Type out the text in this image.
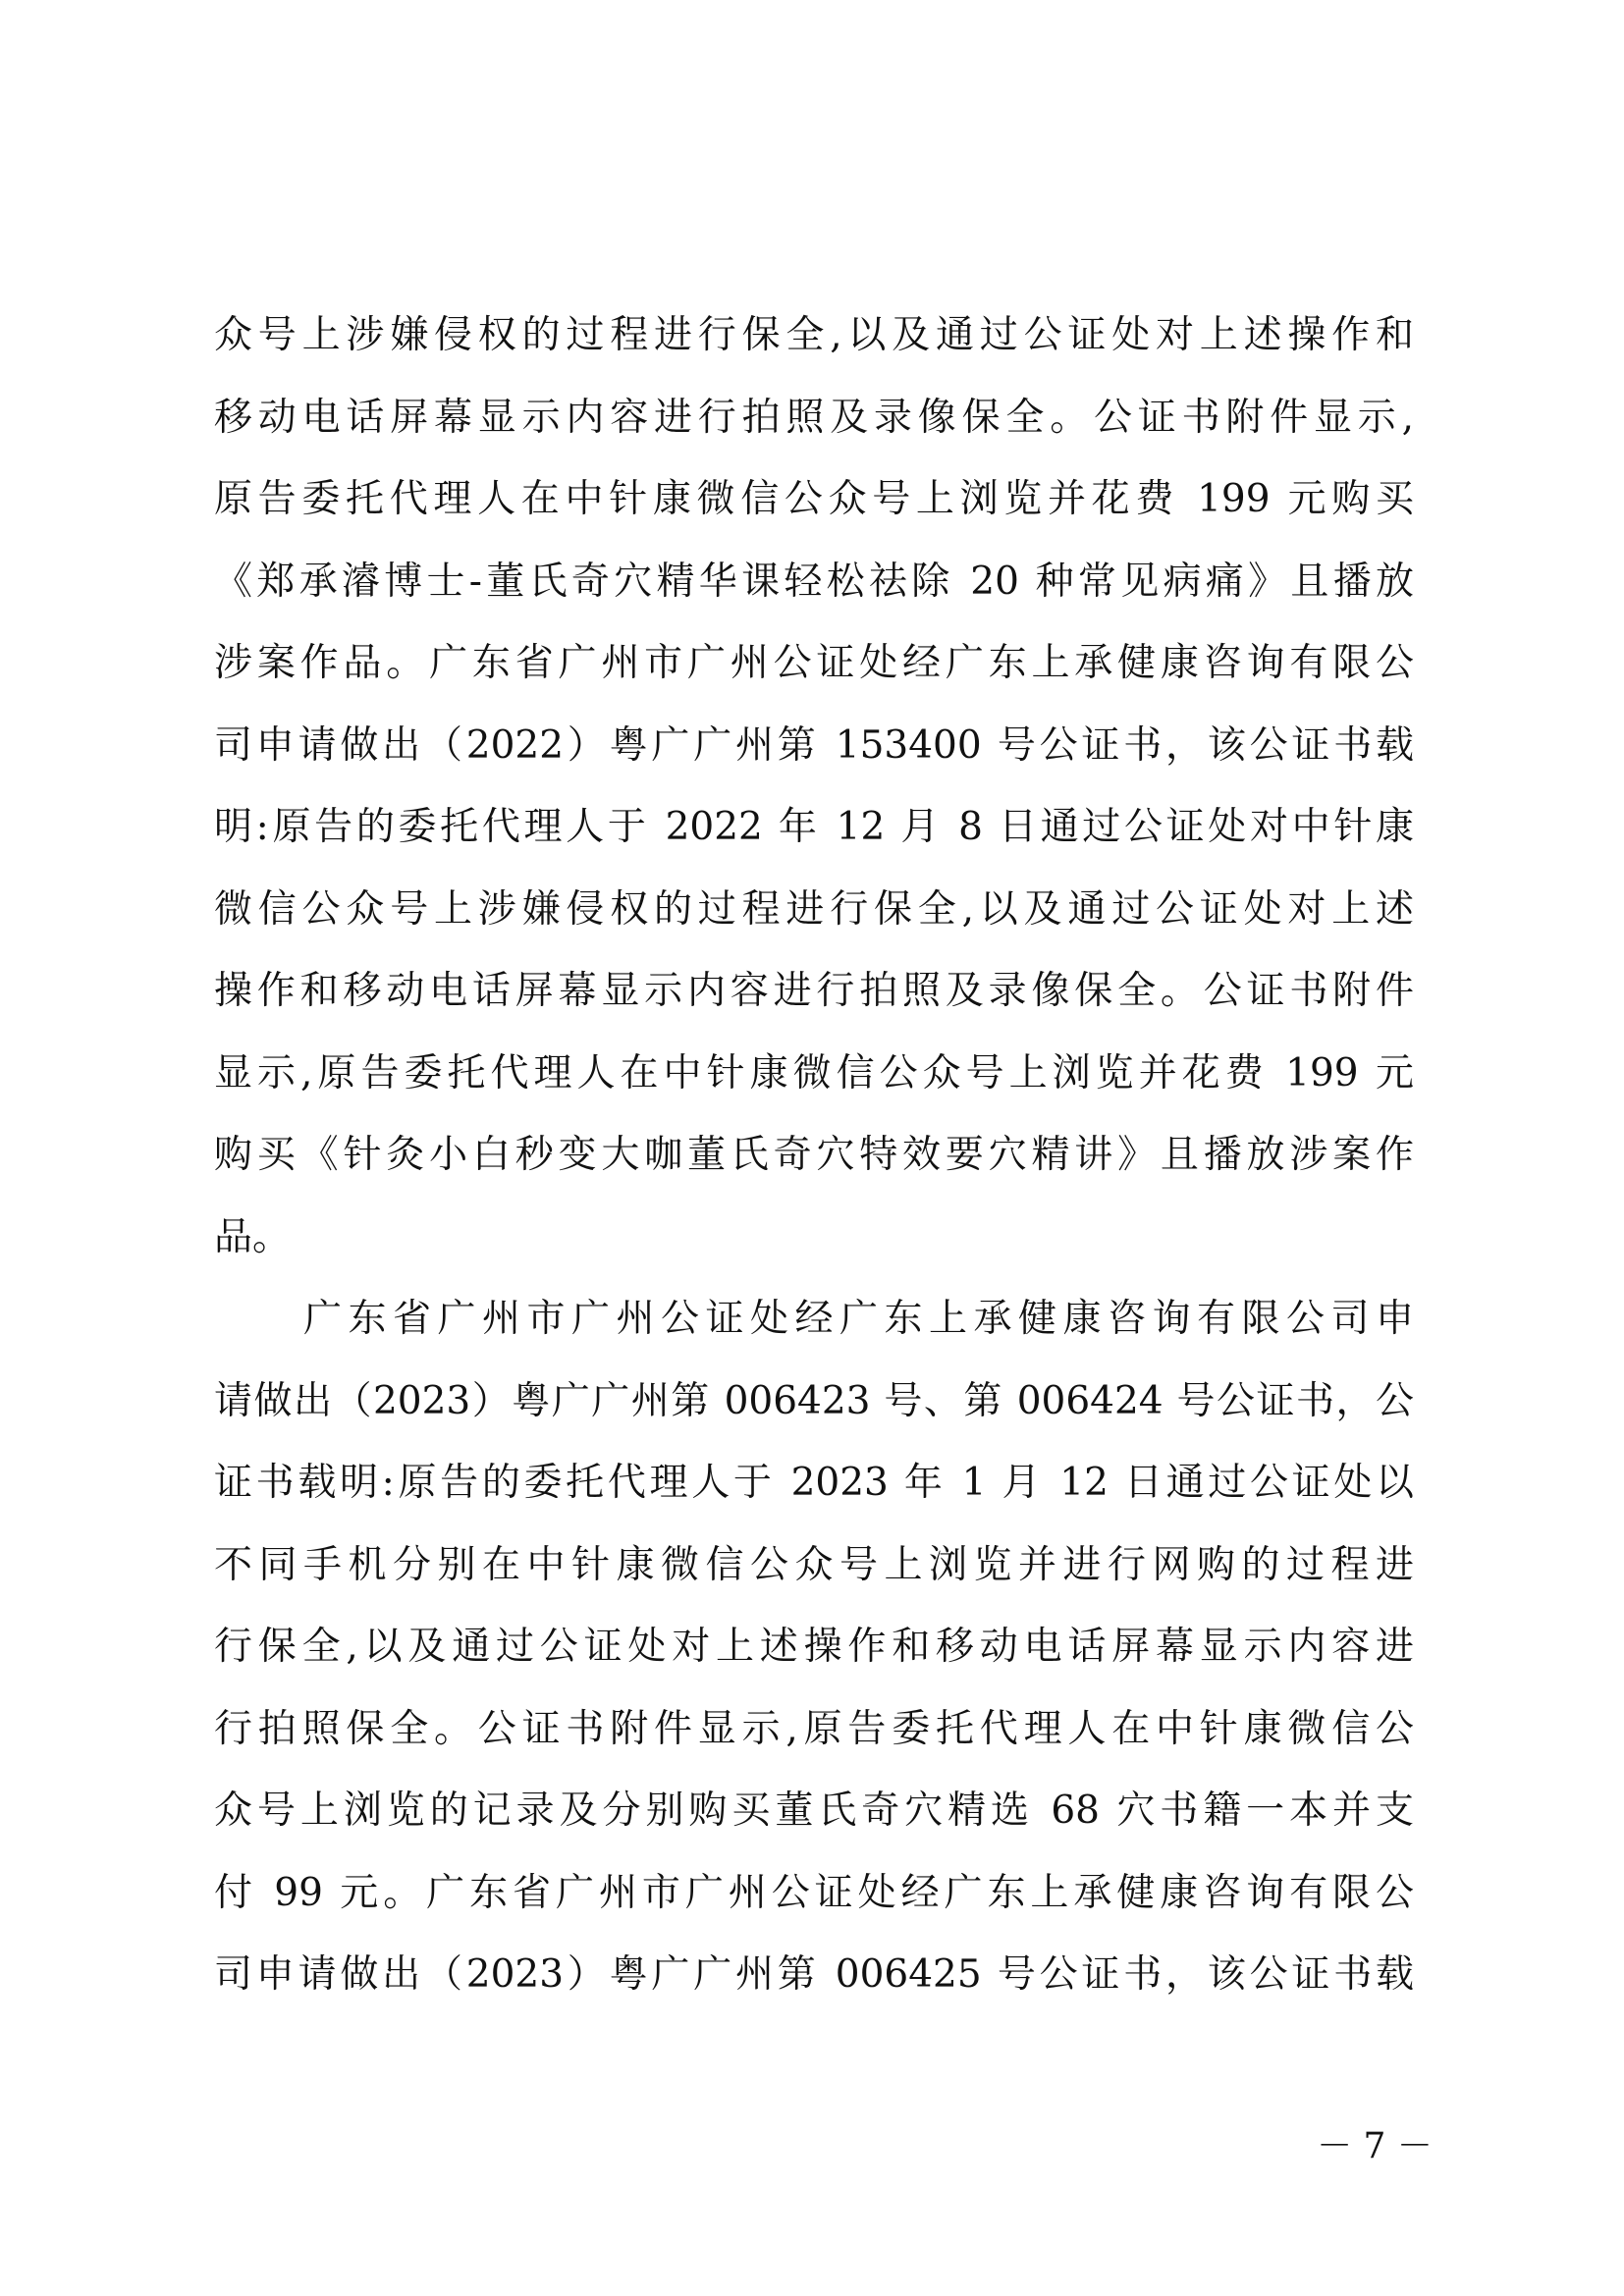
众号上涉嫌侵权的过程进行保全,以及通过公证处对上述操作和
移动电话屏幕显示内容进行拍照及录像保全。公证书附件显示,
原告委托代理人在中针康微信公众号上浏览并花费 199 元购买
《郑承濬博士-董氏奇穴精华课轻松祛除 20 种常见病痛》且播放
涉案作品。广东省广州市广州公证处经广东上承健康咨询有限公
司申请做出（2022）粤广广州第 153400 号公证书，该公证书载
明:原告的委托代理人于 2022 年 12 月 8 日通过公证处对中针康
微信公众号上涉嫌侵权的过程进行保全,以及通过公证处对上述
操作和移动电话屏幕显示内容进行拍照及录像保全。公证书附件
显示,原告委托代理人在中针康微信公众号上浏览并花费 199 元
购买《针灸小白秒变大咖董氏奇穴特效要穴精讲》且播放涉案作
品。
　　广东省广州市广州公证处经广东上承健康咨询有限公司申
请做出（2023）粤广广州第 006423 号、第 006424 号公证书，公
证书载明:原告的委托代理人于 2023 年 1 月 12 日通过公证处以
不同手机分别在中针康微信公众号上浏览并进行网购的过程进
行保全,以及通过公证处对上述操作和移动电话屏幕显示内容进
行拍照保全。公证书附件显示,原告委托代理人在中针康微信公
众号上浏览的记录及分别购买董氏奇穴精选 68 穴书籍一本并支
付 99 元。广东省广州市广州公证处经广东上承健康咨询有限公
司申请做出（2023）粤广广州第 006425 号公证书，该公证书载
－ 7 －
